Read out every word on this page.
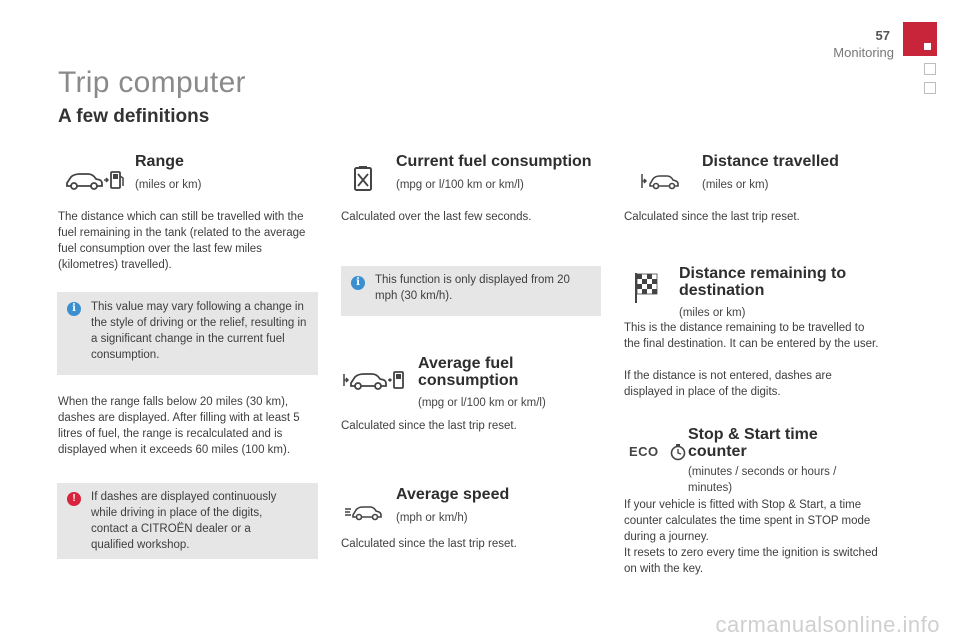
57
Monitoring
Trip computer
A few definitions
Range
(miles or km)
The distance which can still be travelled with the fuel remaining in the tank (related to the average fuel consumption over the last few miles (kilometres) travelled).
i	This value may vary following a change in the style of driving or the relief, resulting in a significant change in the current fuel consumption.
When the range falls below 20 miles (30 km), dashes are displayed. After filling with at least 5 litres of fuel, the range is recalculated and is displayed when it exceeds 60 miles (100 km).
!	If dashes are displayed continuously while driving in place of the digits, contact a CITROËN dealer or a qualified workshop.
Current fuel consumption
(mpg or l/100 km or km/l)
Calculated over the last few seconds.
i	This function is only displayed from 20 mph (30 km/h).
Average fuel consumption
(mpg or l/100 km or km/l)
Calculated since the last trip reset.
Average speed
(mph or km/h)
Calculated since the last trip reset.
Distance travelled
(miles or km)
Calculated since the last trip reset.
Distance remaining to destination
(miles or km)
This is the distance remaining to be travelled to the final destination. It can be entered by the user.
If the distance is not entered, dashes are displayed in place of the digits.
ECO
Stop & Start time counter
(minutes / seconds or hours / minutes)
If your vehicle is fitted with Stop & Start, a time counter calculates the time spent in STOP mode during a journey.
It resets to zero every time the ignition is switched on with the key.
carmanualsonline.info
